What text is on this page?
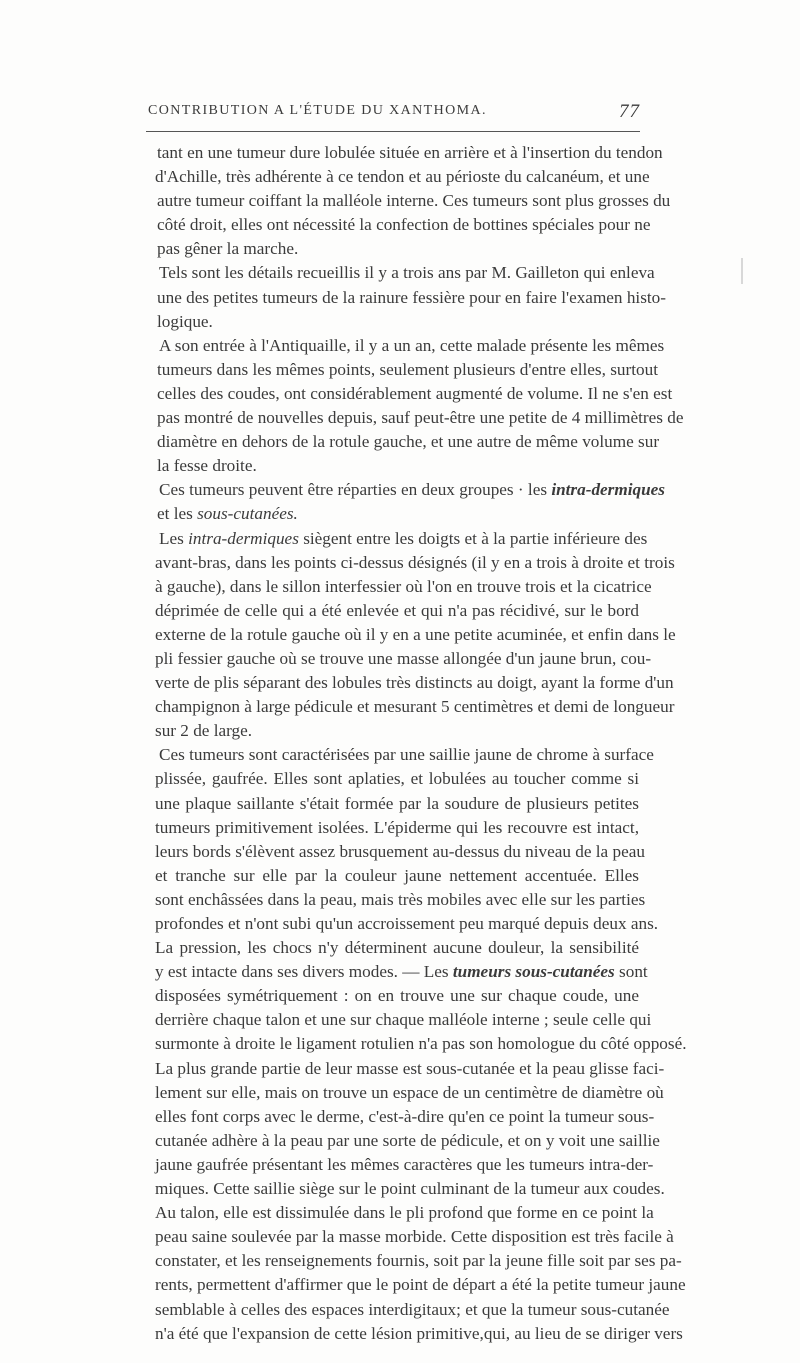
CONTRIBUTION A L'ÉTUDE DU XANTHOMA.	77
tant en une tumeur dure lobulée située en arrière et à l'insertion du tendon
d'Achille, très adhérente à ce tendon et au périoste du calcanéum, et une
autre tumeur coiffant la malléole interne. Ces tumeurs sont plus grosses du
côté droit, elles ont nécessité la confection de bottines spéciales pour ne
pas gêner la marche.
Tels sont les détails recueillis il y a trois ans par M. Gailleton qui enleva
une des petites tumeurs de la rainure fessière pour en faire l'examen histo-
logique.
A son entrée à l'Antiquaille, il y a un an, cette malade présente les mêmes
tumeurs dans les mêmes points, seulement plusieurs d'entre elles, surtout
celles des coudes, ont considérablement augmenté de volume. Il ne s'en est
pas montré de nouvelles depuis, sauf peut-être une petite de 4 millimètres de
diamètre en dehors de la rotule gauche, et une autre de même volume sur
la fesse droite.
Ces tumeurs peuvent être réparties en deux groupes · les intra-dermiques
et les sous-cutanées.
Les intra-dermiques siègent entre les doigts et à la partie inférieure des
avant-bras, dans les points ci-dessus désignés (il y en a trois à droite et trois
à gauche), dans le sillon interfessier où l'on en trouve trois et la cicatrice
déprimée de celle qui a été enlevée et qui n'a pas récidivé, sur le bord
externe de la rotule gauche où il y en a une petite acuminée, et enfin dans le
pli fessier gauche où se trouve une masse allongée d'un jaune brun, cou-
verte de plis séparant des lobules très distincts au doigt, ayant la forme d'un
champignon à large pédicule et mesurant 5 centimètres et demi de longueur
sur 2 de large.
Ces tumeurs sont caractérisées par une saillie jaune de chrome à surface
plissée, gaufrée. Elles sont aplaties, et lobulées au toucher comme si
une plaque saillante s'était formée par la soudure de plusieurs petites
tumeurs primitivement isolées. L'épiderme qui les recouvre est intact,
leurs bords s'élèvent assez brusquement au-dessus du niveau de la peau
et tranche sur elle par la couleur jaune nettement accentuée. Elles
sont enchâssées dans la peau, mais très mobiles avec elle sur les parties
profondes et n'ont subi qu'un accroissement peu marqué depuis deux ans.
La pression, les chocs n'y déterminent aucune douleur, la sensibilité
y est intacte dans ses divers modes. — Les tumeurs sous-cutanées sont
disposées symétriquement : on en trouve une sur chaque coude, une
derrière chaque talon et une sur chaque malléole interne ; seule celle qui
surmonte à droite le ligament rotulien n'a pas son homologue du côté opposé.
La plus grande partie de leur masse est sous-cutanée et la peau glisse faci-
lement sur elle, mais on trouve un espace de un centimètre de diamètre où
elles font corps avec le derme, c'est-à-dire qu'en ce point la tumeur sous-
cutanée adhère à la peau par une sorte de pédicule, et on y voit une saillie
jaune gaufrée présentant les mêmes caractères que les tumeurs intra-der-
miques. Cette saillie siège sur le point culminant de la tumeur aux coudes.
Au talon, elle est dissimulée dans le pli profond que forme en ce point la
peau saine soulevée par la masse morbide. Cette disposition est très facile à
constater, et les renseignements fournis, soit par la jeune fille soit par ses pa-
rents, permettent d'affirmer que le point de départ a été la petite tumeur jaune
semblable à celles des espaces interdigitaux; et que la tumeur sous-cutanée
n'a été que l'expansion de cette lésion primitive,qui, au lieu de se diriger vers
